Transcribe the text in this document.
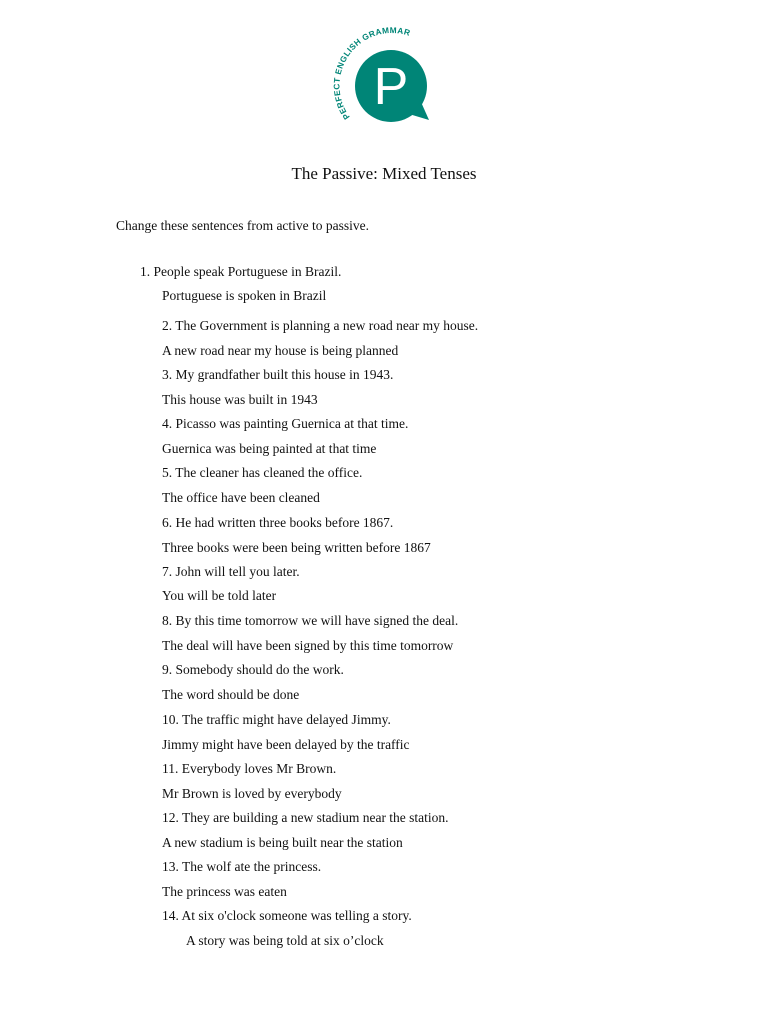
PERFECT ENGLISH GRAMMAR
P
The Passive: Mixed Tenses
Change these sentences from active to passive.
1. People speak Portuguese in Brazil.
Portuguese is spoken in Brazil
2. The Government is planning a new road near my house.
A new road near my house is being planned
3. My grandfather built this house in 1943.
This house was built in 1943
4. Picasso was painting Guernica at that time.
Guernica was being painted at that time
5. The cleaner has cleaned the office.
The office have been cleaned
6. He had written three books before 1867.
Three books were been being written before 1867
7. John will tell you later.
You will be told later
8. By this time tomorrow we will have signed the deal.
The deal will have been signed by this time tomorrow
9. Somebody should do the work.
The word should be done
10. The traffic might have delayed Jimmy.
Jimmy might have been delayed by the traffic
11. Everybody loves Mr Brown.
Mr Brown is loved by everybody
12. They are building a new stadium near the station.
A new stadium is being built near the station
13. The wolf ate the princess.
The princess was eaten
14. At six o'clock someone was telling a story.
A story was being told at six o’clock
